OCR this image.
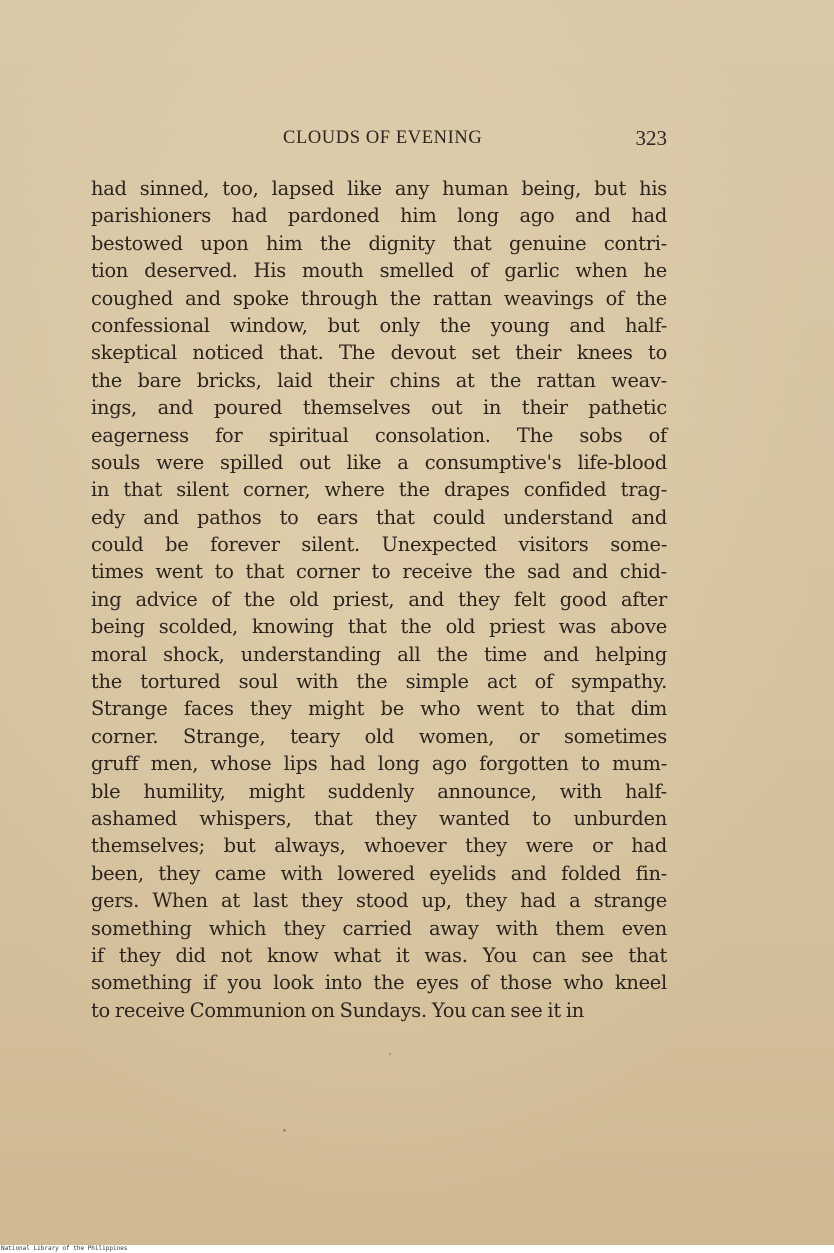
CLOUDS OF EVENING	323
had sinned, too, lapsed like any human being, but his
parishioners had pardoned him long ago and had
bestowed upon him the dignity that genuine contri-
tion deserved. His mouth smelled of garlic when he
coughed and spoke through the rattan weavings of the
confessional window, but only the young and half-
skeptical noticed that. The devout set their knees to
the bare bricks, laid their chins at the rattan weav-
ings, and poured themselves out in their pathetic
eagerness for spiritual consolation. The sobs of
souls were spilled out like a consumptive's life-blood
in that silent corner, where the drapes confided trag-
edy and pathos to ears that could understand and
could be forever silent. Unexpected visitors some-
times went to that corner to receive the sad and chid-
ing advice of the old priest, and they felt good after
being scolded, knowing that the old priest was above
moral shock, understanding all the time and helping
the tortured soul with the simple act of sympathy.
Strange faces they might be who went to that dim
corner. Strange, teary old women, or sometimes
gruff men, whose lips had long ago forgotten to mum-
ble humility, might suddenly announce, with half-
ashamed whispers, that they wanted to unburden
themselves; but always, whoever they were or had
been, they came with lowered eyelids and folded fin-
gers. When at last they stood up, they had a strange
something which they carried away with them even
if they did not know what it was. You can see that
something if you look into the eyes of those who kneel
to receive Communion on Sundays. You can see it in
National Library of the Philippines
